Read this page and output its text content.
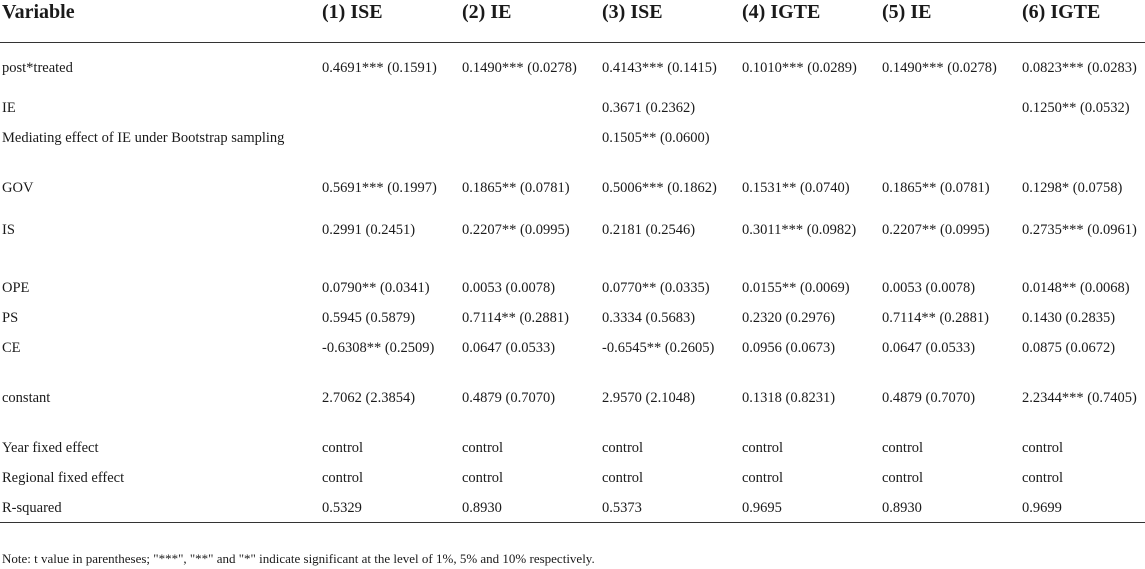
Variable	(1) ISE	(2) IE	(3) ISE	(4) IGTE	(5) IE	(6) IGTE
post*treated	0.4691*** (0.1591)	0.1490*** (0.0278)	0.4143*** (0.1415)	0.1010*** (0.0289)	0.1490*** (0.0278)	0.0823*** (0.0283)

IE			0.3671 (0.2362)			0.1250** (0.0532)

Mediating effect of IE under Bootstrap sampling			0.1505** (0.0600)			

GOV	0.5691*** (0.1997)	0.1865** (0.0781)	0.5006*** (0.1862)	0.1531** (0.0740)	0.1865** (0.0781)	0.1298* (0.0758)

IS	0.2991 (0.2451)	0.2207** (0.0995)	0.2181 (0.2546)	0.3011*** (0.0982)	0.2207** (0.0995)	0.2735*** (0.0961)

OPE	0.0790** (0.0341)	0.0053 (0.0078)	0.0770** (0.0335)	0.0155** (0.0069)	0.0053 (0.0078)	0.0148** (0.0068)

PS	0.5945 (0.5879)	0.7114** (0.2881)	0.3334 (0.5683)	0.2320 (0.2976)	0.7114** (0.2881)	0.1430 (0.2835)

CE	-0.6308** (0.2509)	0.0647 (0.0533)	-0.6545** (0.2605)	0.0956 (0.0673)	0.0647 (0.0533)	0.0875 (0.0672)

constant	2.7062 (2.3854)	0.4879 (0.7070)	2.9570 (2.1048)	0.1318 (0.8231)	0.4879 (0.7070)	2.2344*** (0.7405)

Year fixed effect	control	control	control	control	control	control

Regional fixed effect	control	control	control	control	control	control

R-squared	0.5329	0.8930	0.5373	0.9695	0.8930	0.9699
Note: t value in parentheses; "***", "**" and "*" indicate significant at the level of 1%, 5% and 10% respectively.
